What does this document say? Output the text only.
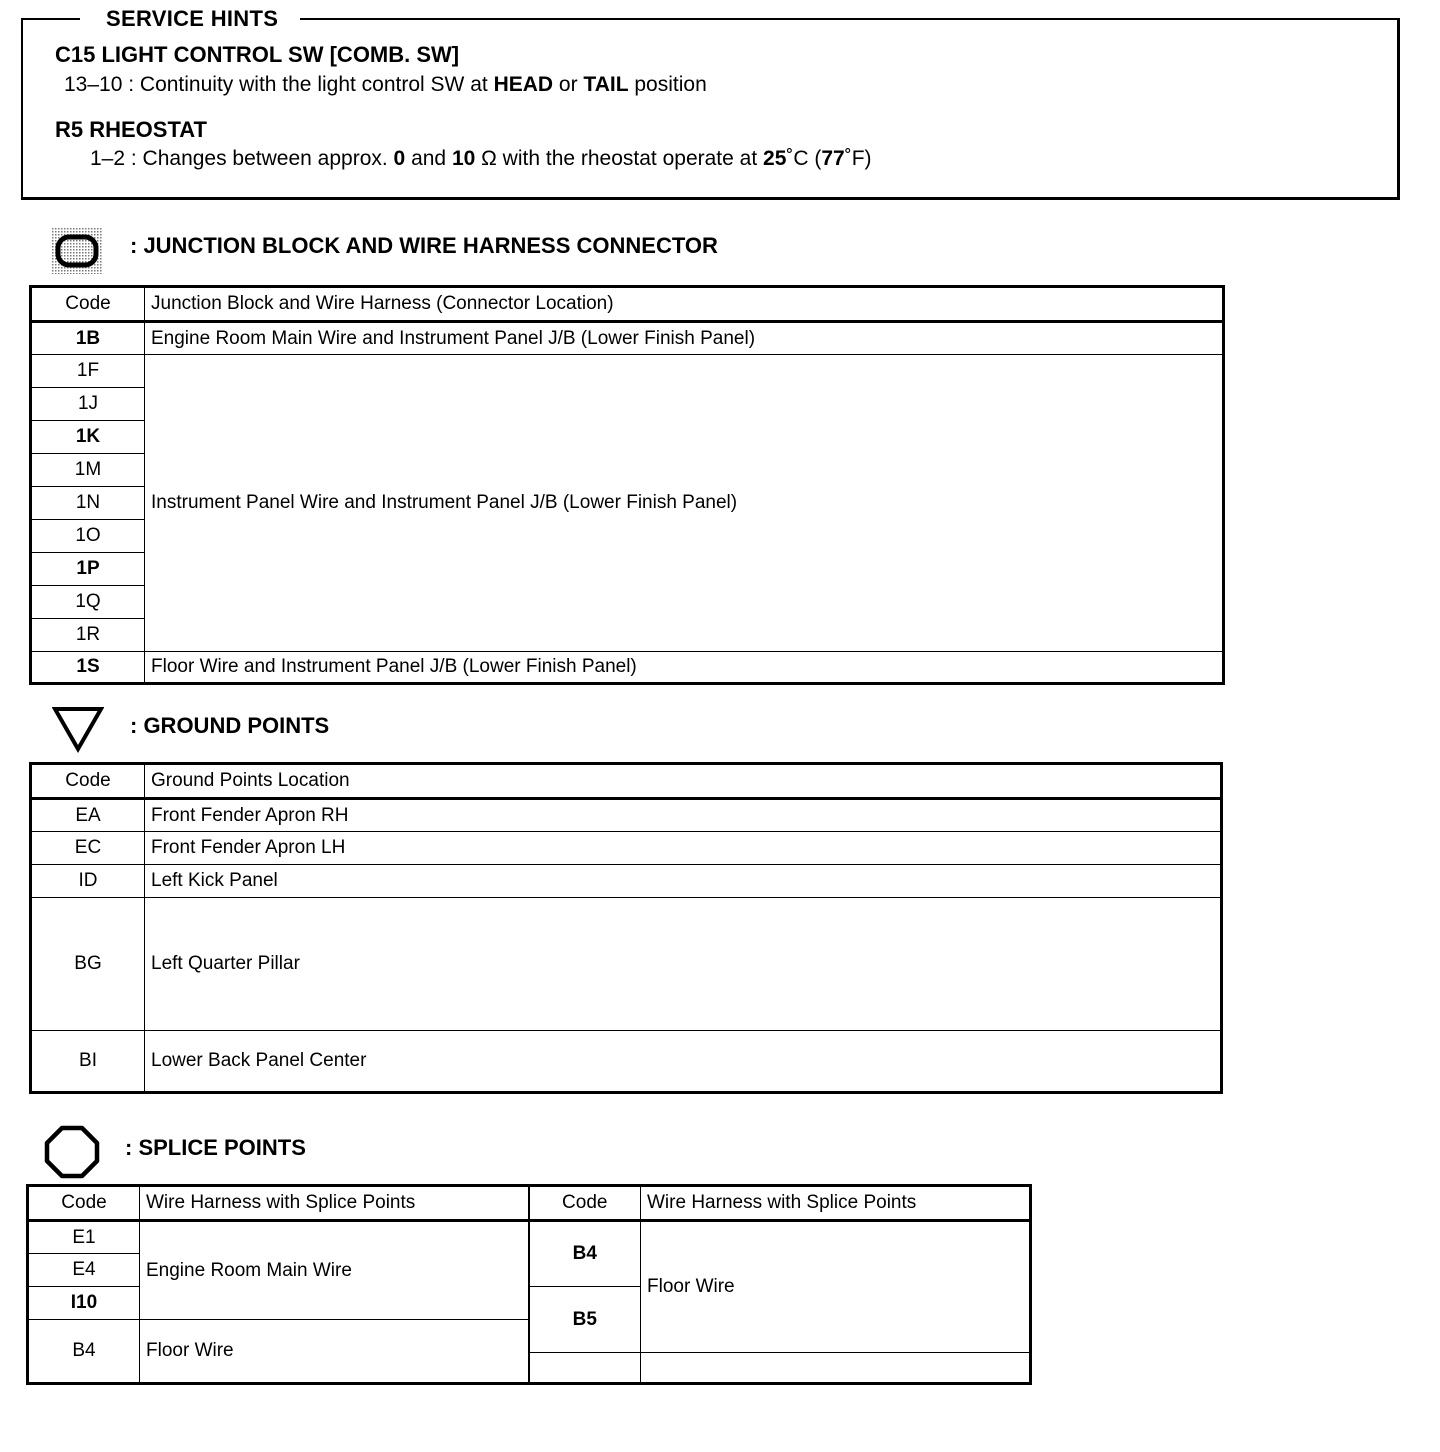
SERVICE HINTS
C15 LIGHT CONTROL SW [COMB. SW]
13–10 : Continuity with the light control SW at HEAD or TAIL position
R5 RHEOSTAT
1–2 : Changes between approx. 0 and 10 Ω with the rheostat operate at 25˚C (77˚F)
: JUNCTION BLOCK AND WIRE HARNESS CONNECTOR
Code	Junction Block and Wire Harness (Connector Location)
1B	Engine Room Main Wire and Instrument Panel J/B (Lower Finish Panel)
1F	Instrument Panel Wire and Instrument Panel J/B (Lower Finish Panel)
1J	
1K	
1M	
1N	
1O	
1P	
1Q	
1R	
1S	Floor Wire and Instrument Panel J/B (Lower Finish Panel)
: GROUND POINTS
Code	Ground Points Location
EA	Front Fender Apron RH
EC	Front Fender Apron LH
ID	Left Kick Panel
BG	Left Quarter Pillar
BI	Lower Back Panel Center
: SPLICE POINTS
Code	Wire Harness with Splice Points	Code	Wire Harness with Splice Points
E1	Engine Room Main Wire	B4	Floor Wire
E4			
I10		B5	
B4	Floor Wire		
